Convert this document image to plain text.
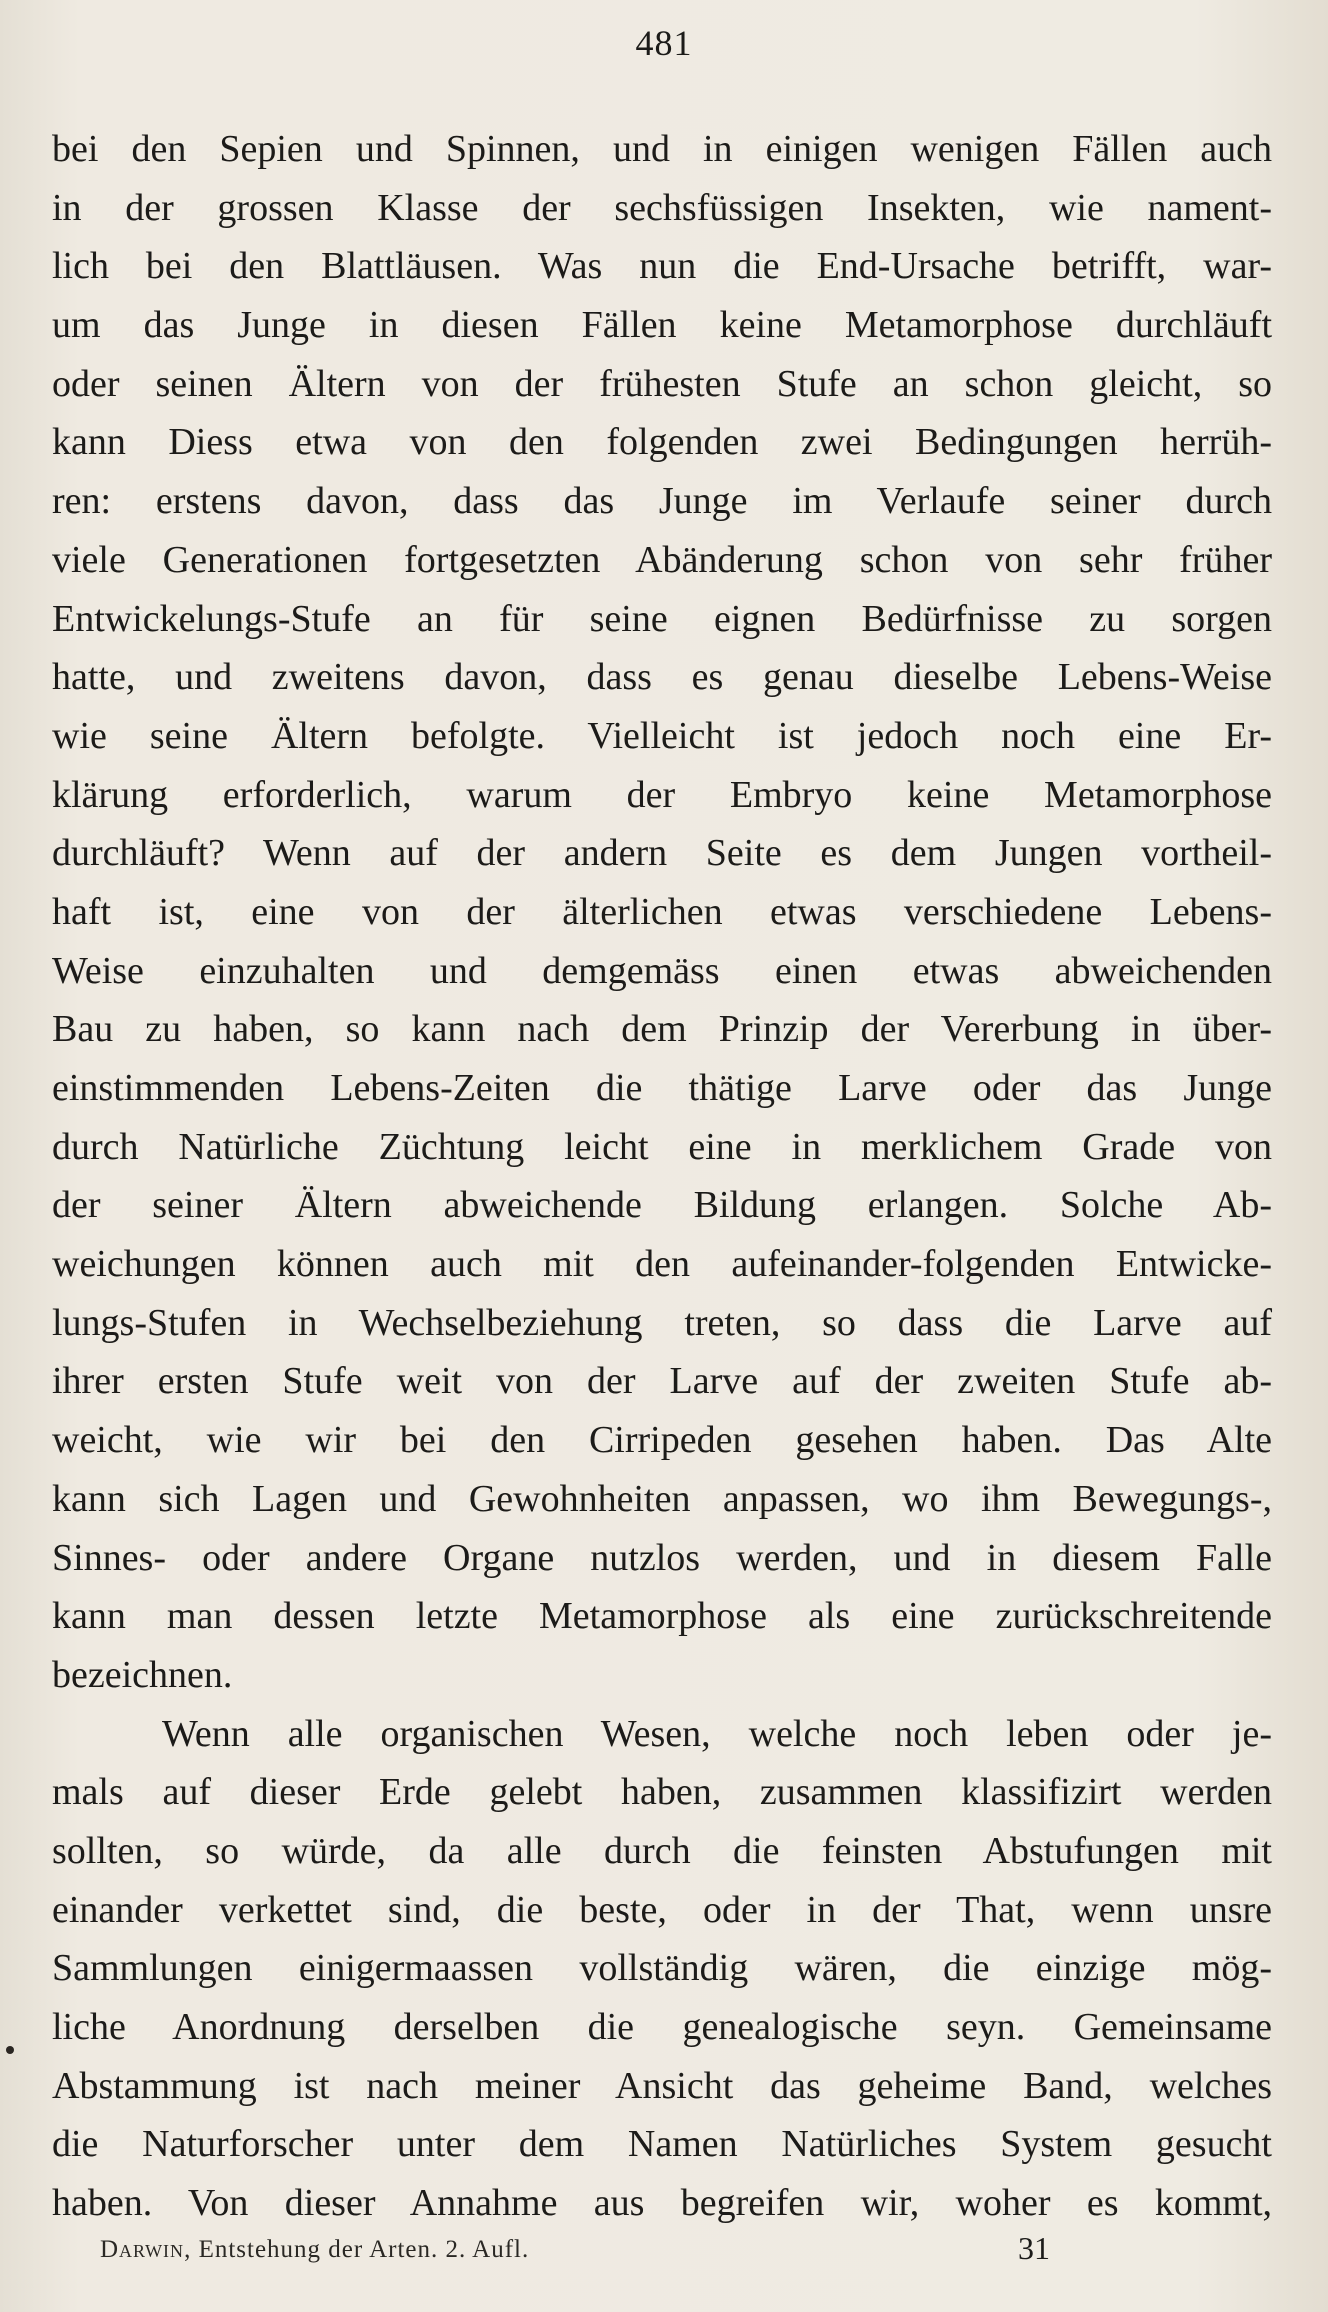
481
bei den Sepien und Spinnen, und in einigen wenigen Fällen auch
in der grossen Klasse der sechsfüssigen Insekten, wie nament-
lich bei den Blattläusen. Was nun die End-Ursache betrifft, war-
um das Junge in diesen Fällen keine Metamorphose durchläuft
oder seinen Ältern von der frühesten Stufe an schon gleicht, so
kann Diess etwa von den folgenden zwei Bedingungen herrüh-
ren: erstens davon, dass das Junge im Verlaufe seiner durch
viele Generationen fortgesetzten Abänderung schon von sehr früher
Entwickelungs-Stufe an für seine eignen Bedürfnisse zu sorgen
hatte, und zweitens davon, dass es genau dieselbe Lebens-Weise
wie seine Ältern befolgte. Vielleicht ist jedoch noch eine Er-
klärung erforderlich, warum der Embryo keine Metamorphose
durchläuft? Wenn auf der andern Seite es dem Jungen vortheil-
haft ist, eine von der älterlichen etwas verschiedene Lebens-
Weise einzuhalten und demgemäss einen etwas abweichenden
Bau zu haben, so kann nach dem Prinzip der Vererbung in über-
einstimmenden Lebens-Zeiten die thätige Larve oder das Junge
durch Natürliche Züchtung leicht eine in merklichem Grade von
der seiner Ältern abweichende Bildung erlangen. Solche Ab-
weichungen können auch mit den aufeinander-folgenden Entwicke-
lungs-Stufen in Wechselbeziehung treten, so dass die Larve auf
ihrer ersten Stufe weit von der Larve auf der zweiten Stufe ab-
weicht, wie wir bei den Cirripeden gesehen haben. Das Alte
kann sich Lagen und Gewohnheiten anpassen, wo ihm Bewegungs-,
Sinnes- oder andere Organe nutzlos werden, und in diesem Falle
kann man dessen letzte Metamorphose als eine zurückschreitende
bezeichnen.
Wenn alle organischen Wesen, welche noch leben oder je-
mals auf dieser Erde gelebt haben, zusammen klassifizirt werden
sollten, so würde, da alle durch die feinsten Abstufungen mit
einander verkettet sind, die beste, oder in der That, wenn unsre
Sammlungen einigermaassen vollständig wären, die einzige mög-
liche Anordnung derselben die genealogische seyn. Gemeinsame
Abstammung ist nach meiner Ansicht das geheime Band, welches
die Naturforscher unter dem Namen Natürliches System gesucht
haben. Von dieser Annahme aus begreifen wir, woher es kommt,
Darwin, Entstehung der Arten. 2. Aufl.	31
